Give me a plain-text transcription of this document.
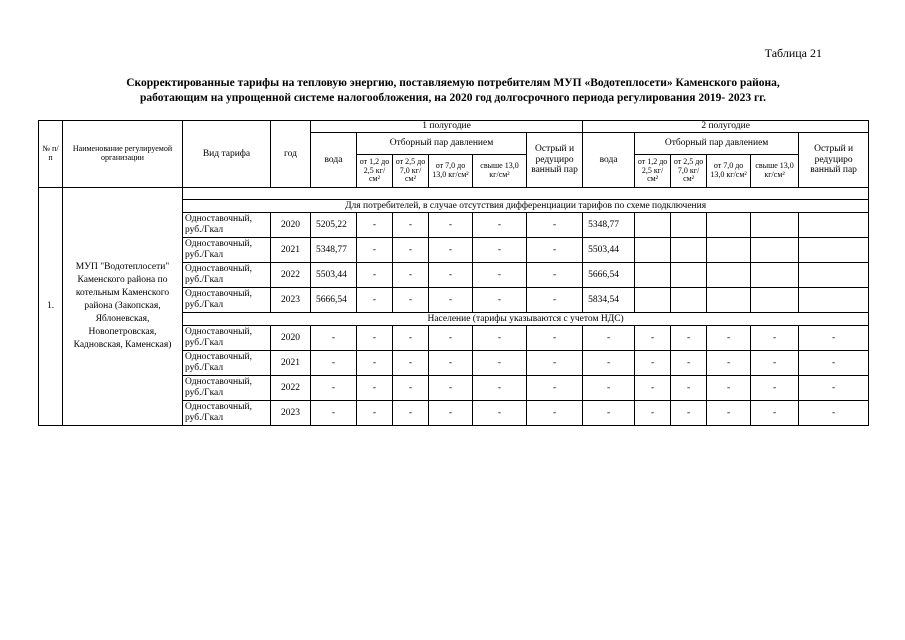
Таблица 21
Скорректированные тарифы на тепловую энергию, поставляемую потребителям МУП «Водотеплосети» Каменского района,
работающим на упрощенной системе налогообложения, на 2020 год долгосрочного периода регулирования 2019- 2023 гг.
№ п/п	Наименование регулируемой организации	Вид тарифа	год	1 полугодие						2 полугодие					
				вода	Отборный пар давлением				Острый и редуциро ванный пар	вода	Отборный пар давлением				Острый и редуциро ванный пар
					от 1,2 до 2,5 кг/см²	от 2,5 до 7,0 кг/см²	от 7,0 до 13,0 кг/см²	свыше 13,0 кг/см²			от 1,2 до 2,5 кг/см²	от 2,5 до 7,0 кг/см²	от 7,0 до 13,0 кг/см²	свыше 13,0 кг/см²	
1.	МУП "Водотеплосети" Каменского района по котельным Каменского района (Закопская, Яблоневская, Новопетровская, Кадновская, Каменская)														
		Для потребителей, в случае отсутствия дифференциации тарифов по схеме подключения													
		Одноставочный, руб./Гкал	2020	5205,22	-	-	-	-	-	5348,77					
		Одноставочный, руб./Гкал	2021	5348,77	-	-	-	-	-	5503,44					
		Одноставочный, руб./Гкал	2022	5503,44	-	-	-	-	-	5666,54					
		Одноставочный, руб./Гкал	2023	5666,54	-	-	-	-	-	5834,54					
		Население (тарифы указываются с учетом НДС)													
		Одноставочный, руб./Гкал	2020	-	-	-	-	-	-	-	-	-	-	-	-
		Одноставочный, руб./Гкал	2021	-	-	-	-	-	-	-	-	-	-	-	-
		Одноставочный, руб./Гкал	2022	-	-	-	-	-	-	-	-	-	-	-	-
		Одноставочный, руб./Гкал	2023	-	-	-	-	-	-	-	-	-	-	-	-
